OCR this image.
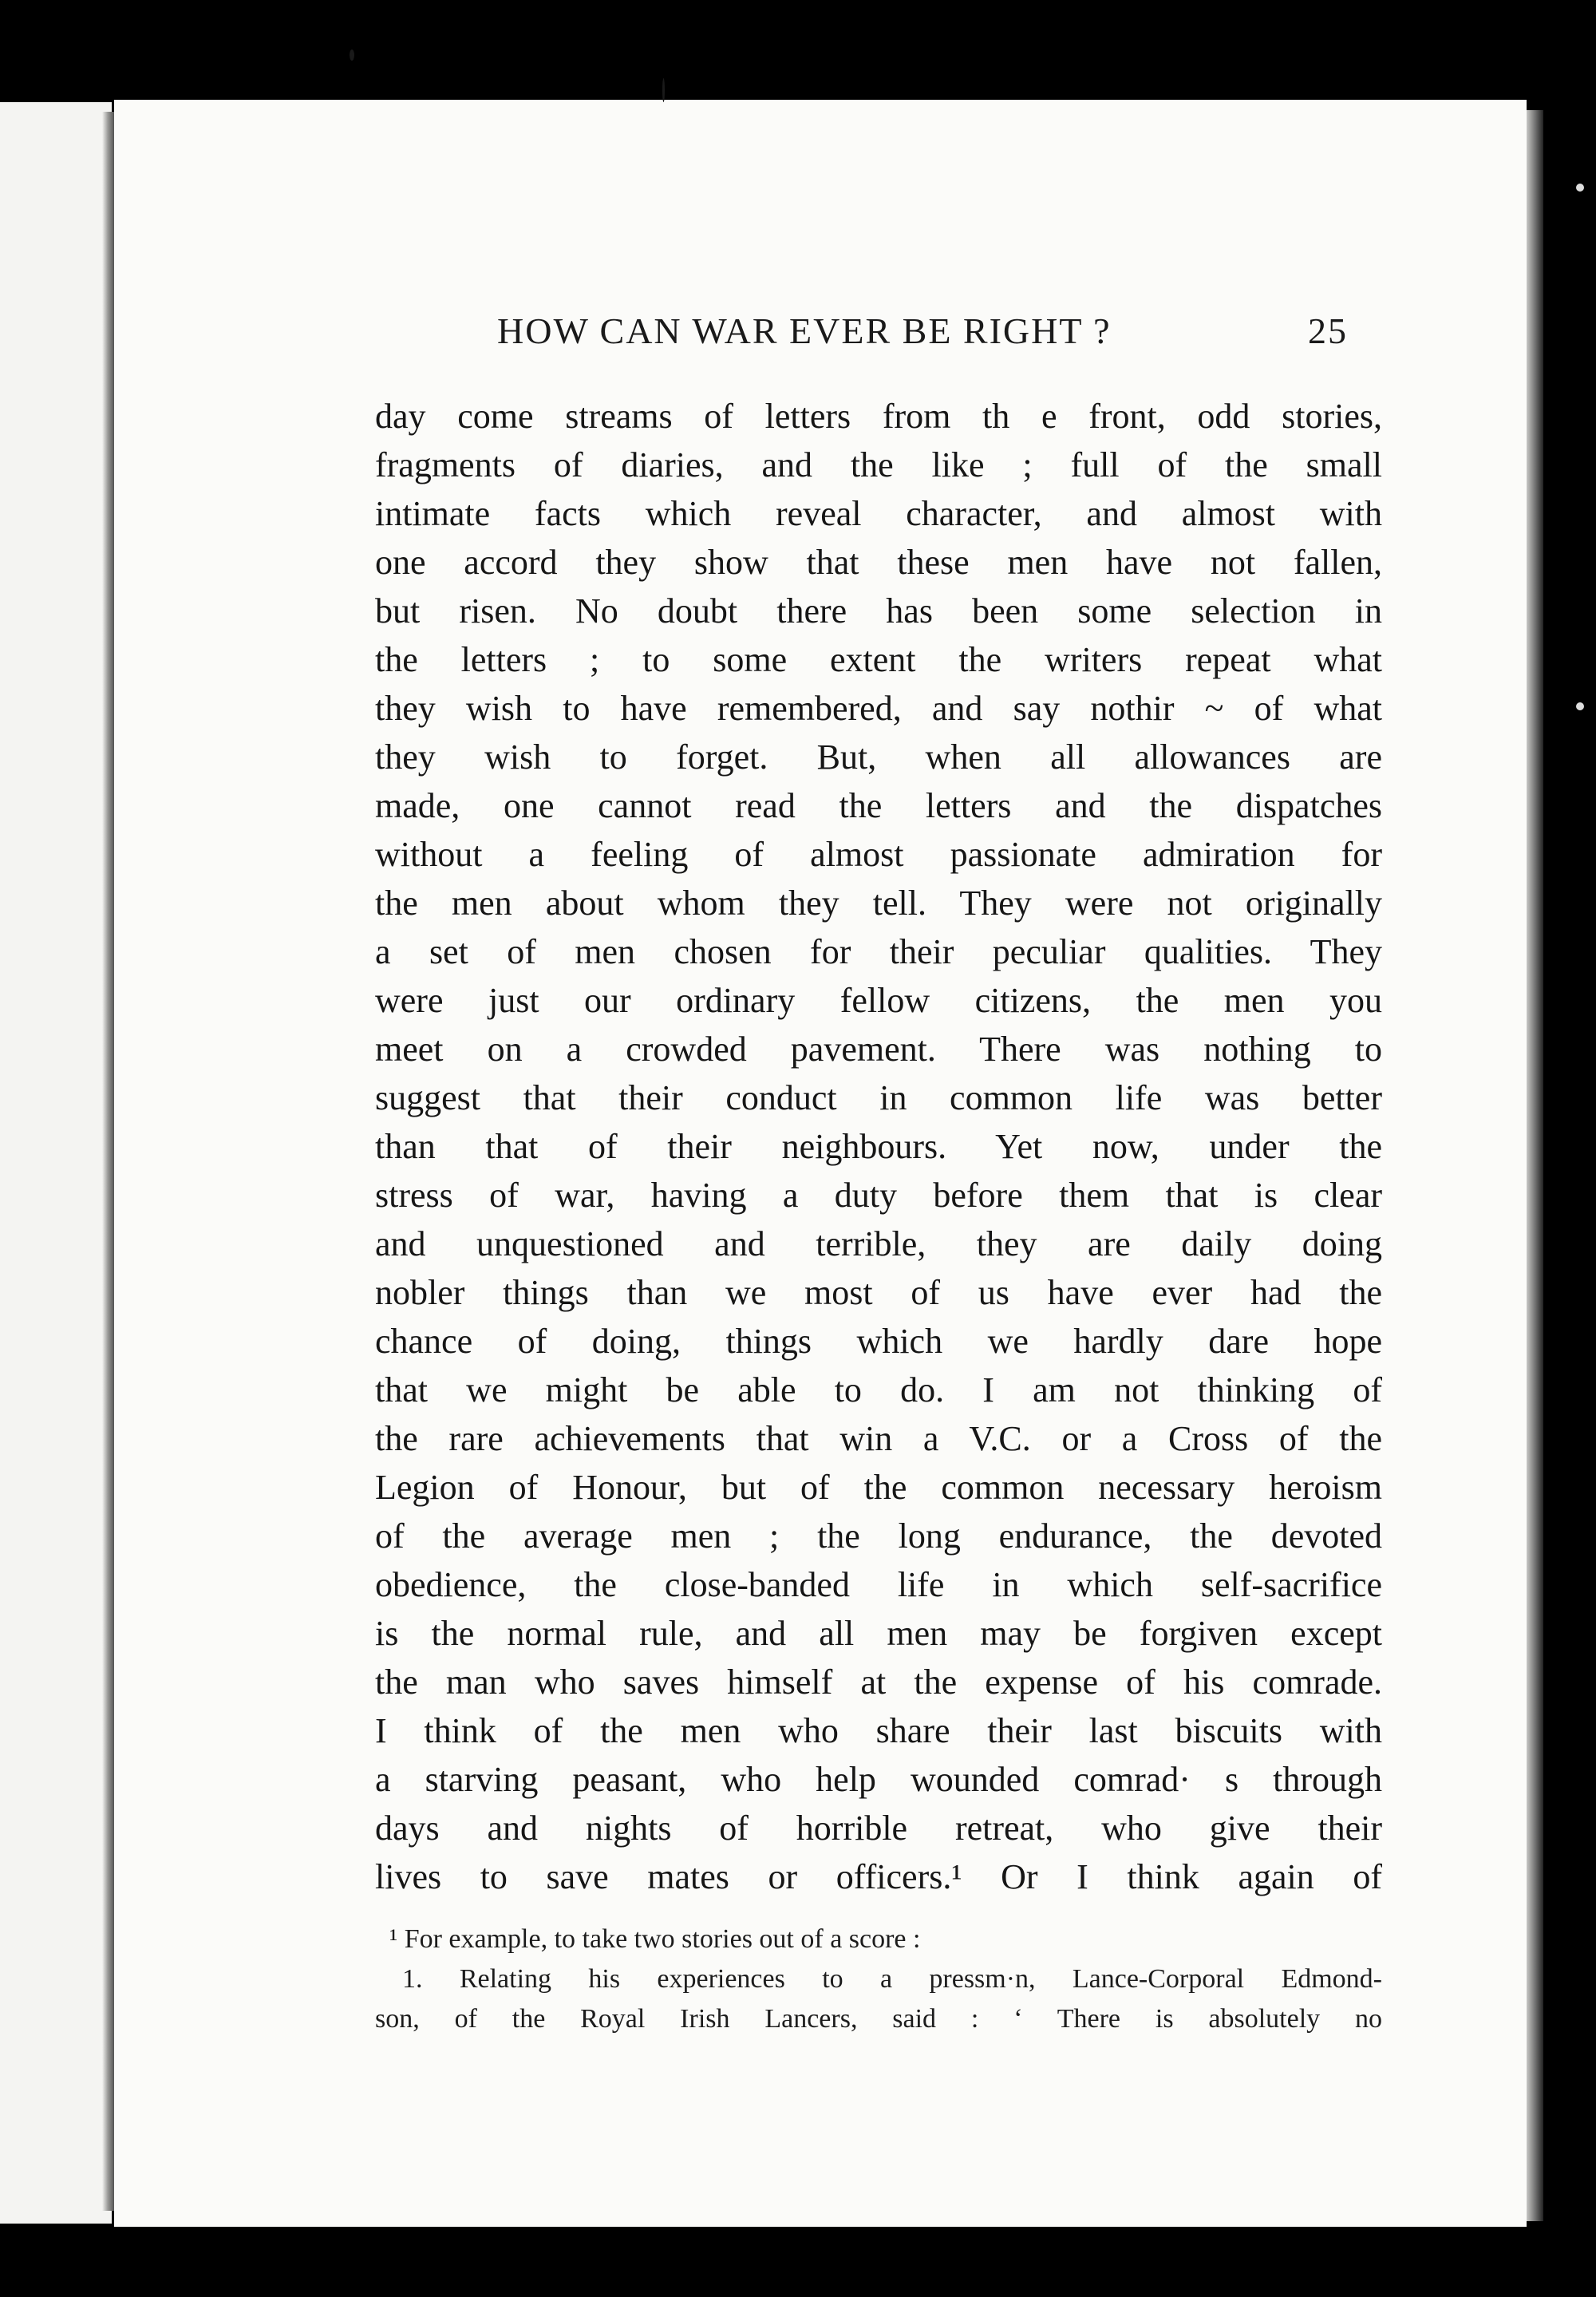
HOW CAN WAR EVER BE RIGHT ?	25
day come streams of letters from th e front, odd stories,
fragments of diaries, and the like ; full of the small
intimate facts which reveal character, and almost with
one accord they show that these men have not fallen,
but risen. No doubt there has been some selection in
the letters ; to some extent the writers repeat what
they wish to have remembered, and say nothir ~ of what
they wish to forget. But, when all allowances are
made, one cannot read the letters and the dispatches
without a feeling of almost passionate admiration for
the men about whom they tell. They were not originally
a set of men chosen for their peculiar qualities. They
were just our ordinary fellow citizens, the men you
meet on a crowded pavement. There was nothing to
suggest that their conduct in common life was better
than that of their neighbours. Yet now, under the
stress of war, having a duty before them that is clear
and unquestioned and terrible, they are daily doing
nobler things than we most of us have ever had the
chance of doing, things which we hardly dare hope
that we might be able to do. I am not thinking of
the rare achievements that win a V.C. or a Cross of the
Legion of Honour, but of the common necessary heroism
of the average men ; the long endurance, the devoted
obedience, the close-banded life in which self-sacrifice
is the normal rule, and all men may be forgiven except
the man who saves himself at the expense of his comrade.
I think of the men who share their last biscuits with
a starving peasant, who help wounded comrad· s through
days and nights of horrible retreat, who give their
lives to save mates or officers.¹ Or I think again of
¹ For example, to take two stories out of a score :
1. Relating his experiences to a pressm·n, Lance-Corporal Edmond-
son, of the Royal Irish Lancers, said : ‘ There is absolutely no
